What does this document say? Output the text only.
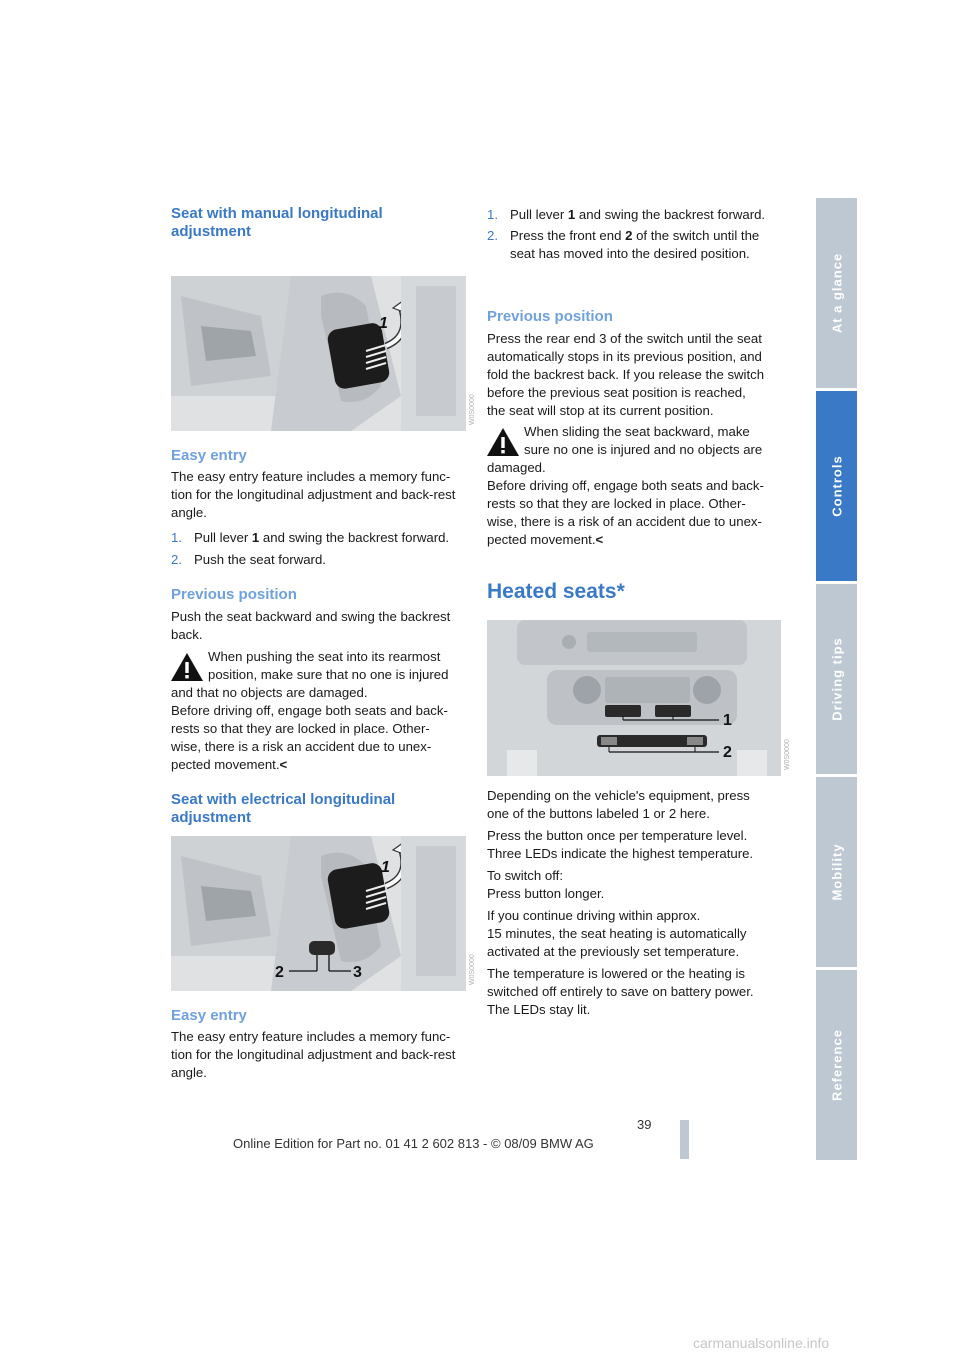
Seat with manual longitudinal
adjustment
1
W0S0000
Easy entry
The easy entry feature includes a memory func-tion for the longitudinal adjustment and back-rest angle.
1. Pull lever 1 and swing the backrest forward.
2. Push the seat forward.
Previous position
Push the seat backward and swing the backrest back.
When pushing the seat into its rearmost
position, make sure that no one is injured
and that no objects are damaged.
Before driving off, engage both seats and back-
rests so that they are locked in place. Other-
wise, there is a risk an accident due to unex-
pected movement.<
Seat with electrical longitudinal
adjustment
1
2	3	W0S0000
Easy entry
The easy entry feature includes a memory func-tion for the longitudinal adjustment and back-rest angle.
1. Pull lever 1 and swing the backrest forward.
2. Press the front end 2 of the switch until the seat has moved into the desired position.
Previous position
Press the rear end 3 of the switch until the seat
automatically stops in its previous position, and
fold the backrest back. If you release the switch
before the previous seat position is reached,
the seat will stop at its current position.
When sliding the seat backward, make
sure no one is injured and no objects are
damaged.
Before driving off, engage both seats and back-
rests so that they are locked in place. Other-
wise, there is a risk of an accident due to unex-
pected movement.<
Heated seats*
1
2	W0S0000
Depending on the vehicle's equipment, press
one of the buttons labeled 1 or 2 here.
Press the button once per temperature level.
Three LEDs indicate the highest temperature.
To switch off:
Press button longer.
If you continue driving within approx.
15 minutes, the seat heating is automatically
activated at the previously set temperature.
The temperature is lowered or the heating is
switched off entirely to save on battery power.
The LEDs stay lit.
At a glance
Controls
Driving tips
Mobility
Reference
39
Online Edition for Part no. 01 41 2 602 813 - © 08/09 BMW AG
carmanualsonline.info
